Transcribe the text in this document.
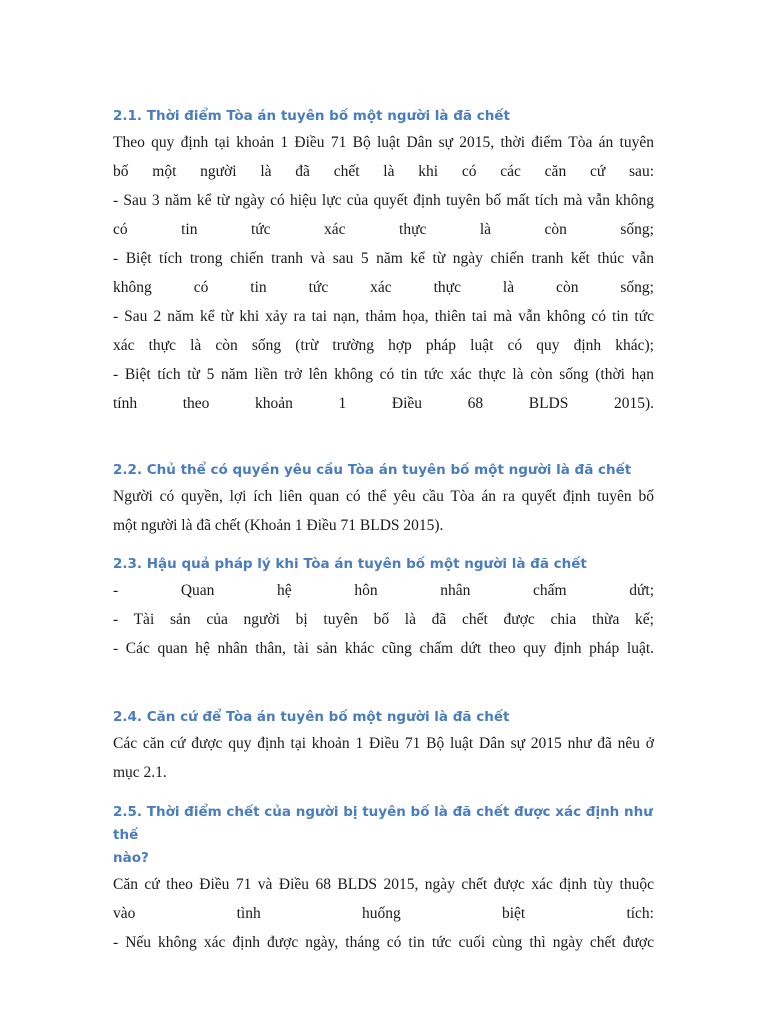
2.1. Thời điểm Tòa án tuyên bố một người là đã chết

Theo quy định tại khoản 1 Điều 71 Bộ luật Dân sự 2015, thời điểm Tòa án tuyên

bố một người là đã chết là khi có các căn cứ sau:

- Sau 3 năm kể từ ngày có hiệu lực của quyết định tuyên bố mất tích mà vẫn không

có tin tức xác thực là còn sống;

- Biệt tích trong chiến tranh và sau 5 năm kể từ ngày chiến tranh kết thúc vẫn

không có tin tức xác thực là còn sống;

- Sau 2 năm kể từ khi xảy ra tai nạn, thảm họa, thiên tai mà vẫn không có tin tức

xác thực là còn sống (trừ trường hợp pháp luật có quy định khác);

- Biệt tích từ 5 năm liền trở lên không có tin tức xác thực là còn sống (thời hạn

tính theo khoản 1 Điều 68 BLDS 2015).

2.2. Chủ thể có quyền yêu cầu Tòa án tuyên bố một người là đã chết

Người có quyền, lợi ích liên quan có thể yêu cầu Tòa án ra quyết định tuyên bố

một người là đã chết (Khoản 1 Điều 71 BLDS 2015).

2.3. Hậu quả pháp lý khi Tòa án tuyên bố một người là đã chết

- Quan hệ hôn nhân chấm dứt;

- Tài sản của người bị tuyên bố là đã chết được chia thừa kế;

- Các quan hệ nhân thân, tài sản khác cũng chấm dứt theo quy định pháp luật.

2.4. Căn cứ để Tòa án tuyên bố một người là đã chết

Các căn cứ được quy định tại khoản 1 Điều 71 Bộ luật Dân sự 2015 như đã nêu ở

mục 2.1.

2.5. Thời điểm chết của người bị tuyên bố là đã chết được xác định như thế

nào?

Căn cứ theo Điều 71 và Điều 68 BLDS 2015, ngày chết được xác định tùy thuộc

vào tình huống biệt tích:

- Nếu không xác định được ngày, tháng có tin tức cuối cùng thì ngày chết được
